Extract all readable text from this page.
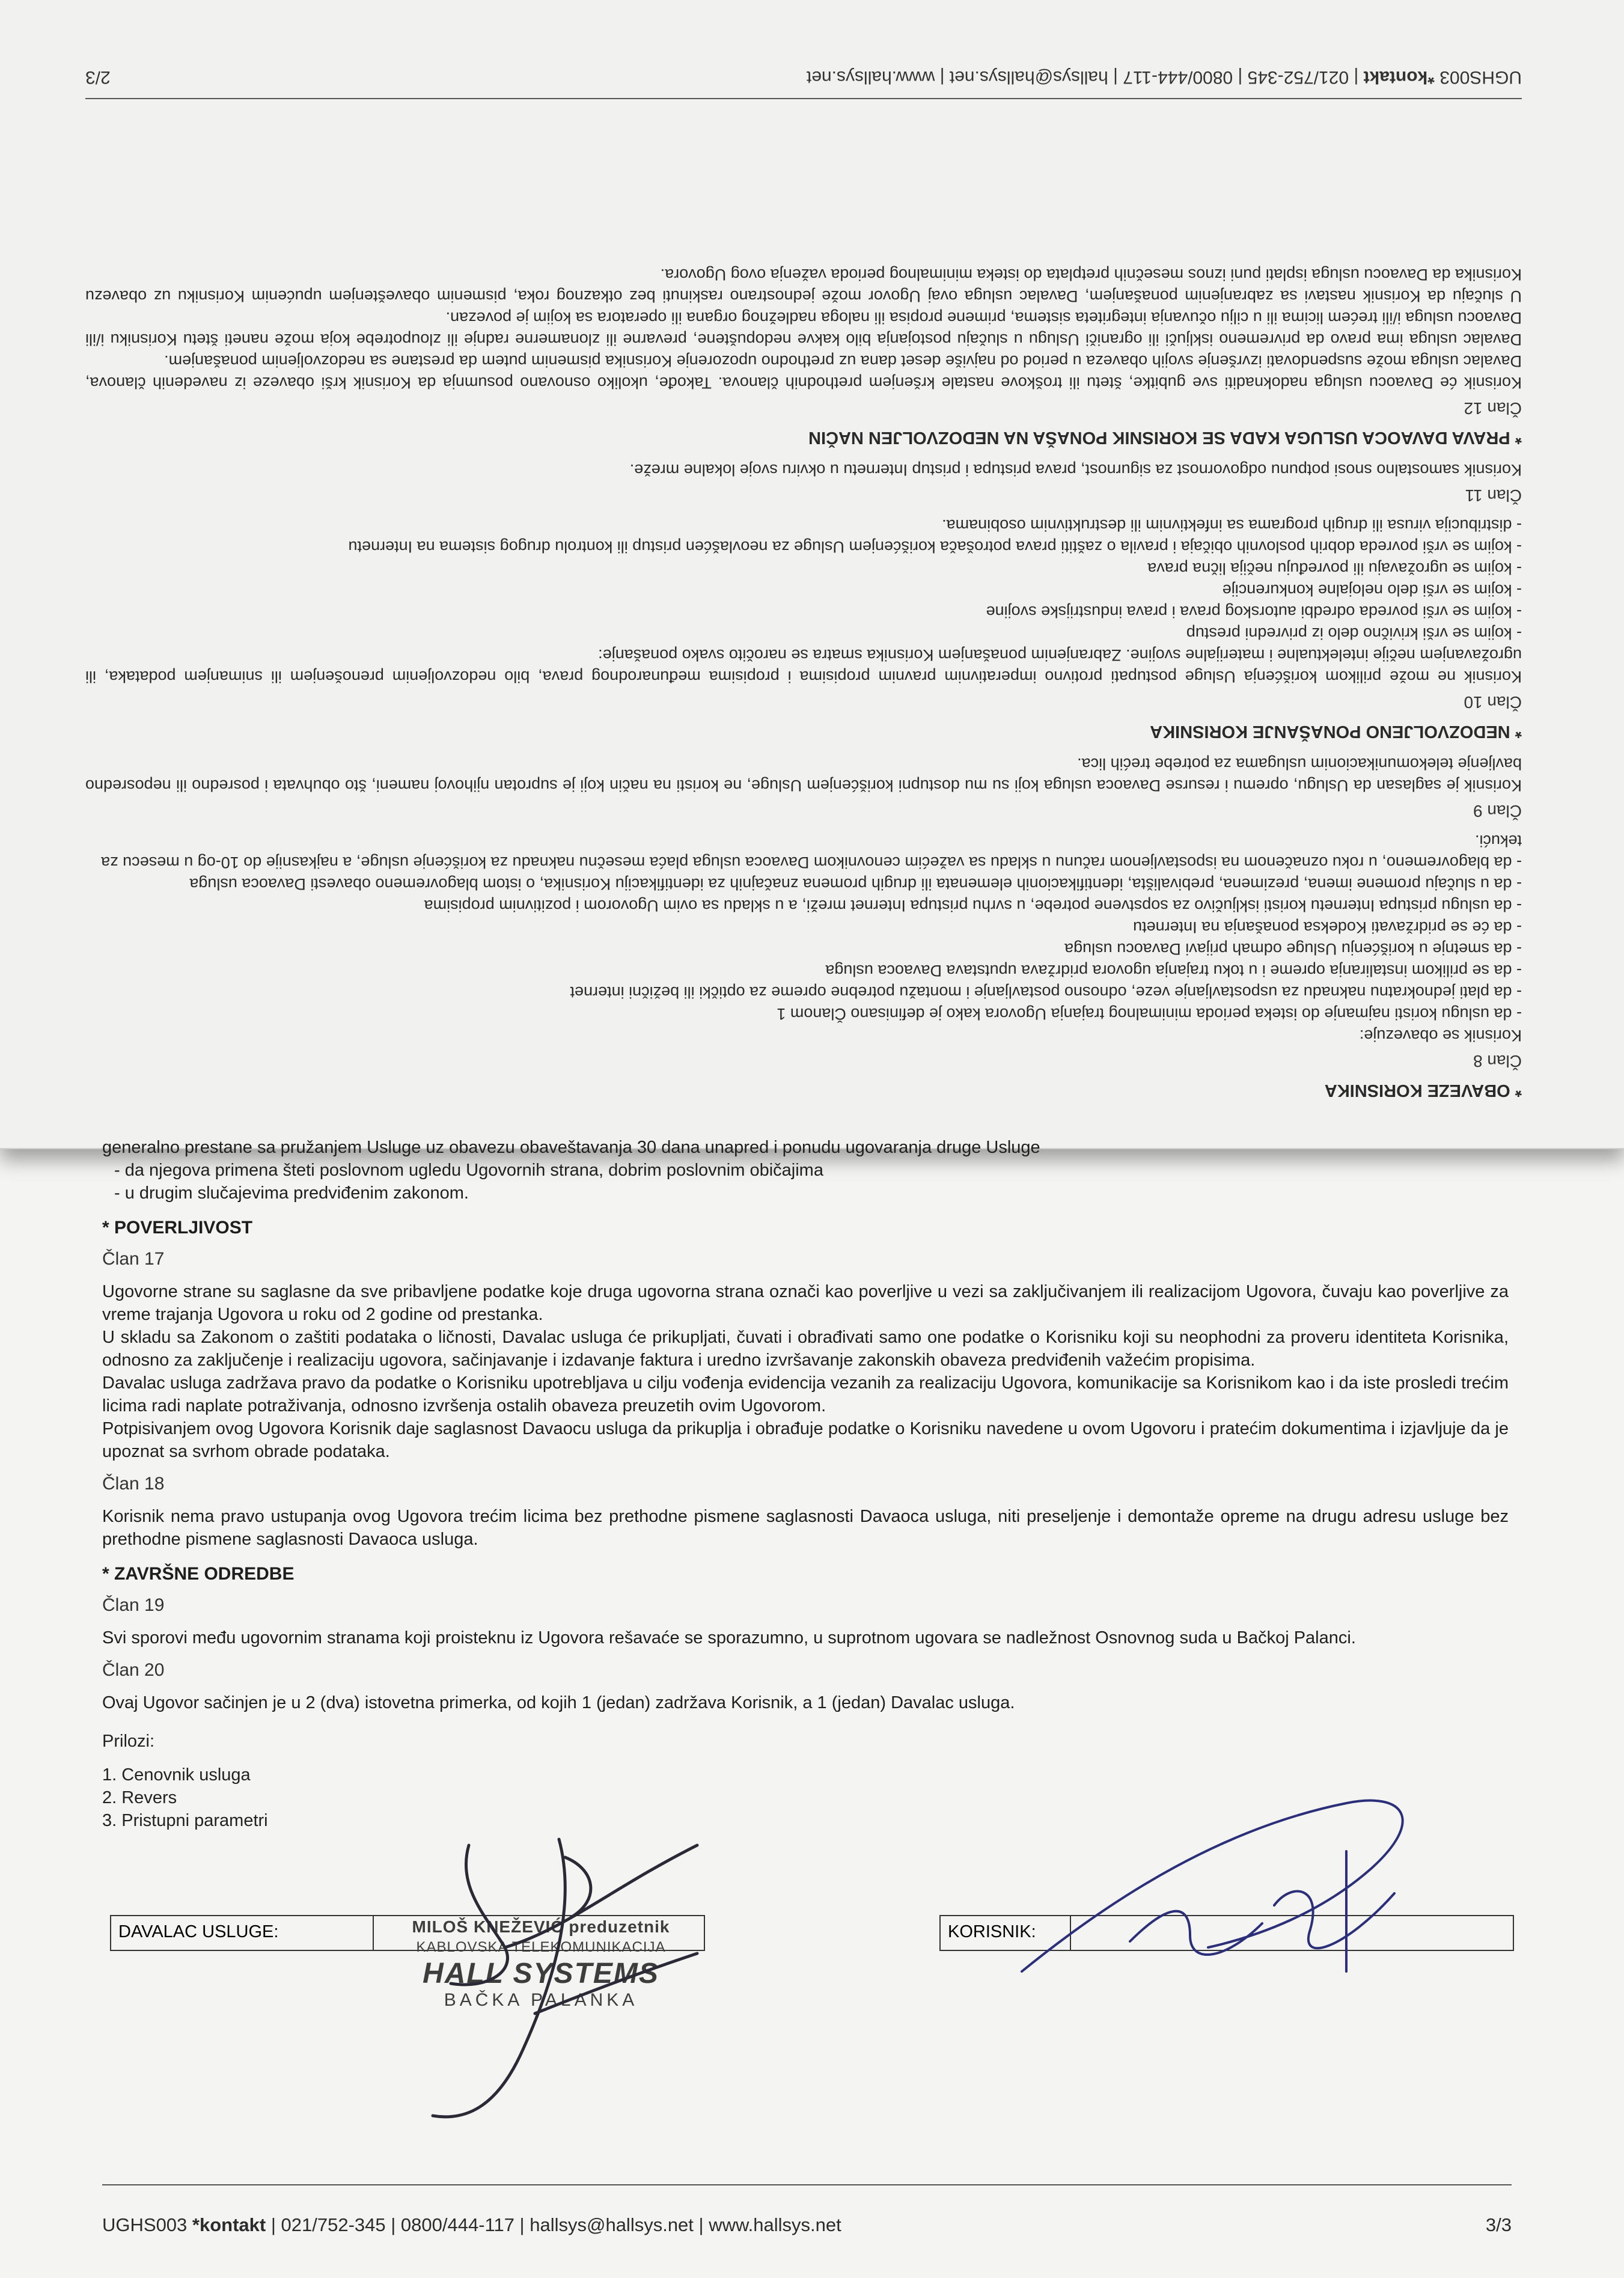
* OBAVEZE KORISNIKA
Član 8

Korisnik se obavezuje:

- da uslugu koristi najmanje do isteka perioda minimalnog trajanja Ugovora kako je definisano Članom 1

- da plati jednokratnu naknadu za uspostavljanje veze, odnosno postavljanje i montažu potrebne opreme za optički ili bežični internet

- da se prilikom instaliranja opreme i u toku trajanja ugovora pridržava uputstava Davaoca usluga

- da smetnje u korišćenju Usluge odmah prijavi Davaocu usluga

- da će se pridržavati Kodeksa ponašanja na Internetu

- da uslugu pristupa Internetu koristi isključivo za sopstvene potrebe, u svrhu pristupa Internet mreži, a u skladu sa ovim Ugovorom i pozitivnim propisima

- da u slučaju promene imena, prezimena, prebivališta, identifikacionih elemenata ili drugih promena značajnih za identifikaciju Korisnika, o istom blagovremeno obavesti Davaoca usluga

- da blagovremeno, u roku označenom na ispostavljenom računu u skladu sa važećim cenovnikom Davaoca usluga plaća mesečnu naknadu za korišćenje usluge, a najkasnije do 10-og u mesecu za tekući.

Član 9

Korisnik je saglasan da Uslugu, opremu i resurse Davaoca usluga koji su mu dostupni korišćenjem Usluge, ne koristi na način koji je suprotan njihovoj nameni, što obuhvata i posredno ili neposredno bavljenje telekomunikacionim uslugama za potrebe trećih lica.

* NEDOZVOLJENO PONAŠANJE KORISNIKA
Član 10

Korisnik ne može prilikom korišćenja Usluge postupati protivno imperativnim pravnim propisima i propisima međunarodnog prava, bilo nedozvoljenim prenošenjem ili snimanjem podataka, ili ugrožavanjem nečije intelektualne i materijalne svojine. Zabranjenim ponašanjem Korisnika smatra se naročito svako ponašanje:

- kojim se vrši krivično delo iz privredni prestup

- kojim se vrši povreda odredbi autorskog prava i prava industrijske svojine

- kojim se vrši delo nelojalne konkurencije

- kojim se ugrožavaju ili povređuju nečija lična prava

- kojim se vrši povreda dobrih poslovnih običaja i pravila o zaštiti prava potrošača korišćenjem Usluge za neovlašćen pristup ili kontrolu drugog sistema na Internetu

- distribucija virusa ili drugih programa sa infektivnim ili destruktivnim osobinama.

Član 11

Korisnik samostalno snosi potpunu odgovornost za sigurnost, prava pristupa i pristup Internetu u okviru svoje lokalne mreže.

* PRAVA DAVAOCA USLUGA KADA SE KORISNIK PONAŠA NA NEDOZVOLJEN NAČIN
Član 12

Korisnik će Davaocu usluga nadoknaditi sve gubitke, štetu ili troškove nastale kršenjem prethodnih članova. Takođe, ukoliko osnovano posumnja da Korisnik krši obaveze iz navedenih članova, Davalac usluga može suspendovati izvršenje svojih obaveza u period od najviše deset dana uz prethodno upozorenje Korisnika pismenim putem da prestane sa nedozvoljenim ponašanjem.

Davalac usluga ima pravo da privremeno isključi ili ograniči Uslugu u slučaju postojanja bilo kakve nedopuštene, prevarne ili zlonamerne radnje ili zloupotrebe koja može naneti štetu Korisniku i/ili Davaocu usluga i/ili trećem licima ili u cilju očuvanja integriteta sistema, primene propisa ili naloga nadležnog organa ili operatora sa kojim je povezan.

U slučaju da Korisnik nastavi sa zabranjenim ponašanjem, Davalac usluga ovaj Ugovor može jednostrano raskinuti bez otkaznog roka, pismenim obaveštenjem upućenim Korisniku uz obavezu Korisnika da Davaocu usluga isplati puni iznos mesečnih pretplata do isteka minimalnog perioda važenja ovog Ugovora.

UGHS003 *kontakt | 021/752-345 | 0800/444-117 | hallsys@hallsys.net | www.hallsys.net
2/3

generalno prestane sa pružanjem Usluge uz obavezu obaveštavanja 30 dana unapred i ponudu ugovaranja druge Usluge

- da njegova primena šteti poslovnom ugledu Ugovornih strana, dobrim poslovnim običajima

- u drugim slučajevima predviđenim zakonom.

* POVERLJIVOST
Član 17

Ugovorne strane su saglasne da sve pribavljene podatke koje druga ugovorna strana označi kao poverljive u vezi sa zaključivanjem ili realizacijom Ugovora, čuvaju kao poverljive za vreme trajanja Ugovora u roku od 2 godine od prestanka.

U skladu sa Zakonom o zaštiti podataka o ličnosti, Davalac usluga će prikupljati, čuvati i obrađivati samo one podatke o Korisniku koji su neophodni za proveru identiteta Korisnika, odnosno za zaključenje i realizaciju ugovora, sačinjavanje i izdavanje faktura i uredno izvršavanje zakonskih obaveza predviđenih važećim propisima.

Davalac usluga zadržava pravo da podatke o Korisniku upotrebljava u cilju vođenja evidencija vezanih za realizaciju Ugovora, komunikacije sa Korisnikom kao i da iste prosledi trećim licima radi naplate potraživanja, odnosno izvršenja ostalih obaveza preuzetih ovim Ugovorom.

Potpisivanjem ovog Ugovora Korisnik daje saglasnost Davaocu usluga da prikuplja i obrađuje podatke o Korisniku navedene u ovom Ugovoru i pratećim dokumentima i izjavljuje da je upoznat sa svrhom obrade podataka.

Član 18

Korisnik nema pravo ustupanja ovog Ugovora trećim licima bez prethodne pismene saglasnosti Davaoca usluga, niti preseljenje i demontaže opreme na drugu adresu usluge bez prethodne pismene saglasnosti Davaoca usluga.

* ZAVRŠNE ODREDBE
Član 19

Svi sporovi među ugovornim stranama koji proisteknu iz Ugovora rešavaće se sporazumno, u suprotnom ugovara se nadležnost Osnovnog suda u Bačkoj Palanci.

Član 20

Ovaj Ugovor sačinjen je u 2 (dva) istovetna primerka, od kojih 1 (jedan) zadržava Korisnik, a 1 (jedan) Davalac usluga.

Prilozi:
1. Cenovnik usluga
2. Revers
3. Pristupni parametri
DAVALAC USLUGE:	KORISNIK:
MILOŠ KNEŽEVIĆ preduzetnik
KABLOVSKA TELEKOMUNIKACIJA
HALL SYSTEMS
BAČKA PALANKA
UGHS003 *kontakt | 021/752-345 | 0800/444-117 | hallsys@hallsys.net | www.hallsys.net	3/3
